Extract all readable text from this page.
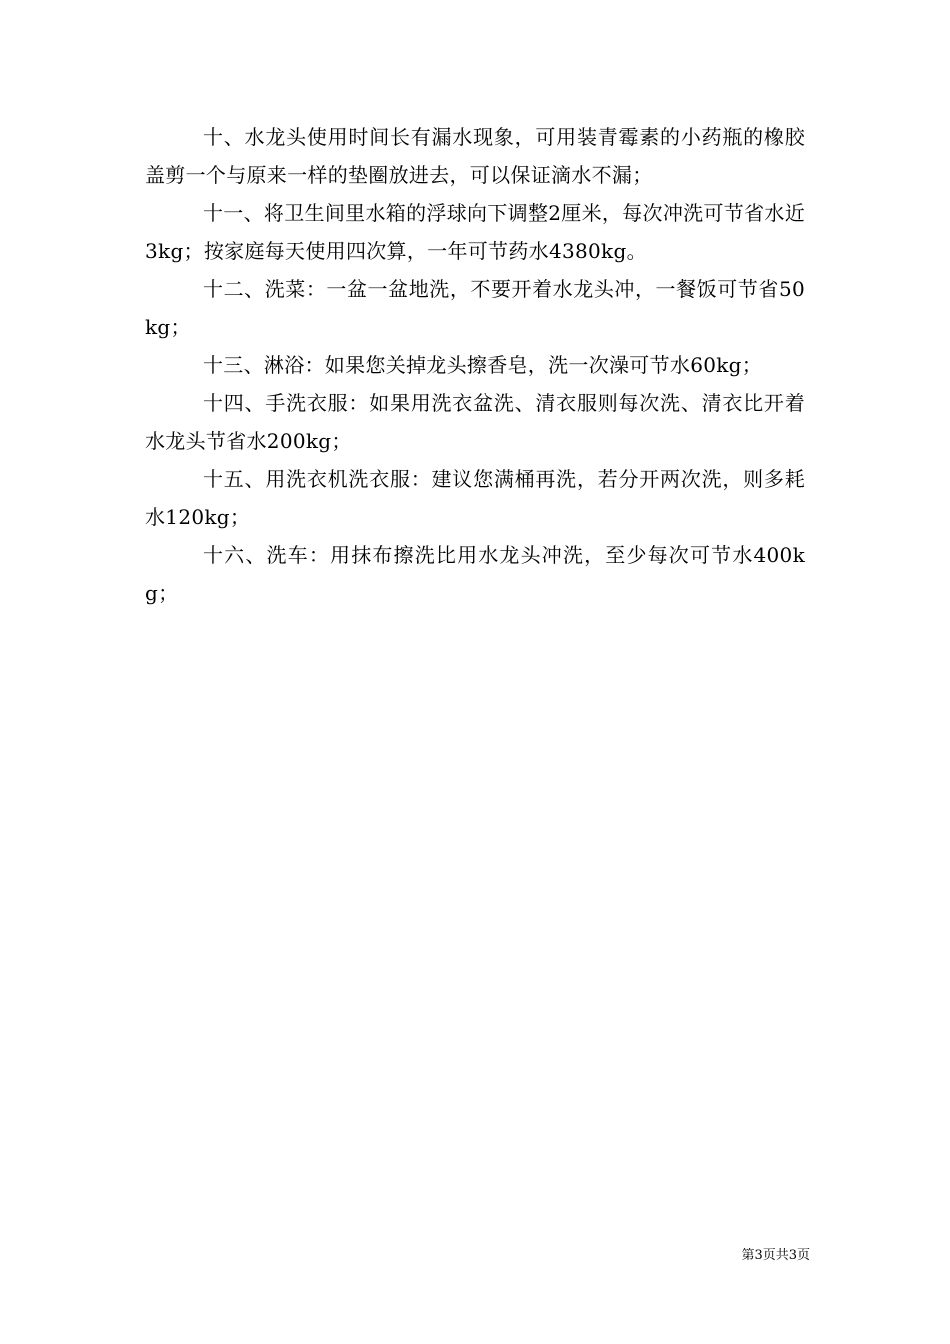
十、水龙头使用时间长有漏水现象，可用装青霉素的小药瓶的橡胶盖剪一个与原来一样的垫圈放进去，可以保证滴水不漏；

十一、将卫生间里水箱的浮球向下调整2厘米，每次冲洗可节省水近3kg；按家庭每天使用四次算，一年可节药水4380kg。

十二、洗菜：一盆一盆地洗，不要开着水龙头冲，一餐饭可节省50kg；

十三、淋浴：如果您关掉龙头擦香皂，洗一次澡可节水60kg；

十四、手洗衣服：如果用洗衣盆洗、清衣服则每次洗、清衣比开着水龙头节省水200kg；

十五、用洗衣机洗衣服：建议您满桶再洗，若分开两次洗，则多耗水120kg；

十六、洗车：用抹布擦洗比用水龙头冲洗，至少每次可节水400kg；

第3页共3页
